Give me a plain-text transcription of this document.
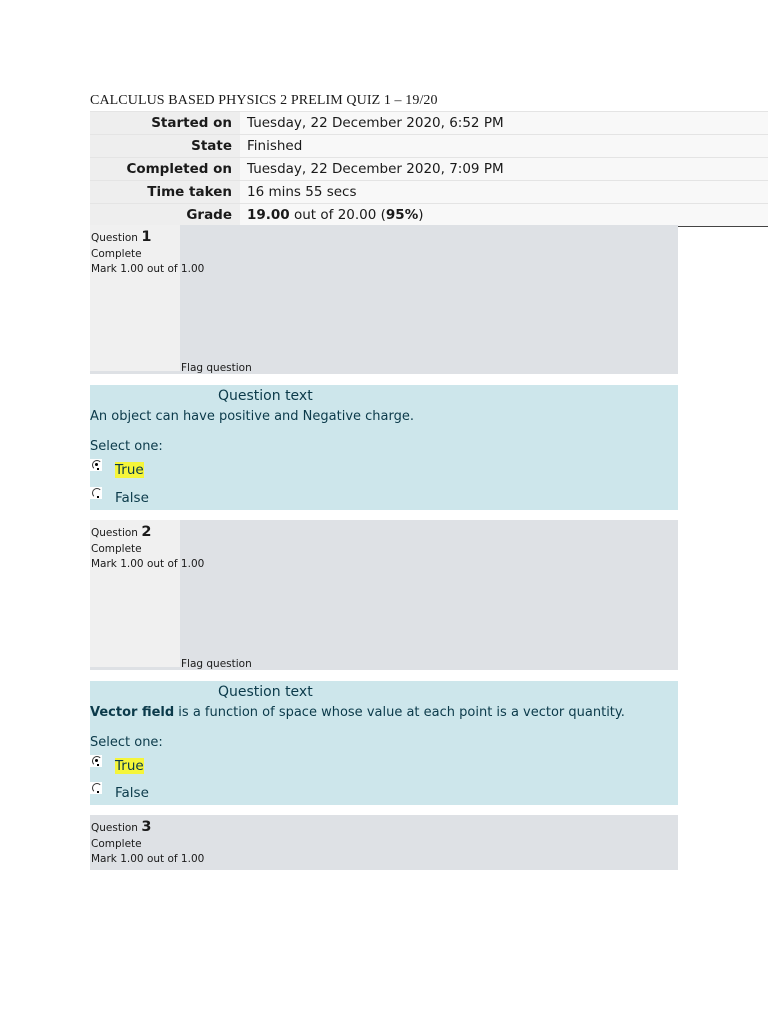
CALCULUS BASED PHYSICS 2 PRELIM QUIZ 1 – 19/20
Started on	Tuesday, 22 December 2020, 6:52 PM
State	Finished
Completed on	Tuesday, 22 December 2020, 7:09 PM
Time taken	16 mins 55 secs
Grade	19.00 out of 20.00 (95%)
Question 1
Complete
Mark 1.00 out of 1.00
Flag question
Question text
An object can have positive and Negative charge.
Select one:
True
False
Question 2
Complete
Mark 1.00 out of 1.00
Flag question
Question text
Vector field is a function of space whose value at each point is a vector quantity.
Select one:
True
False
Question 3
Complete
Mark 1.00 out of 1.00
